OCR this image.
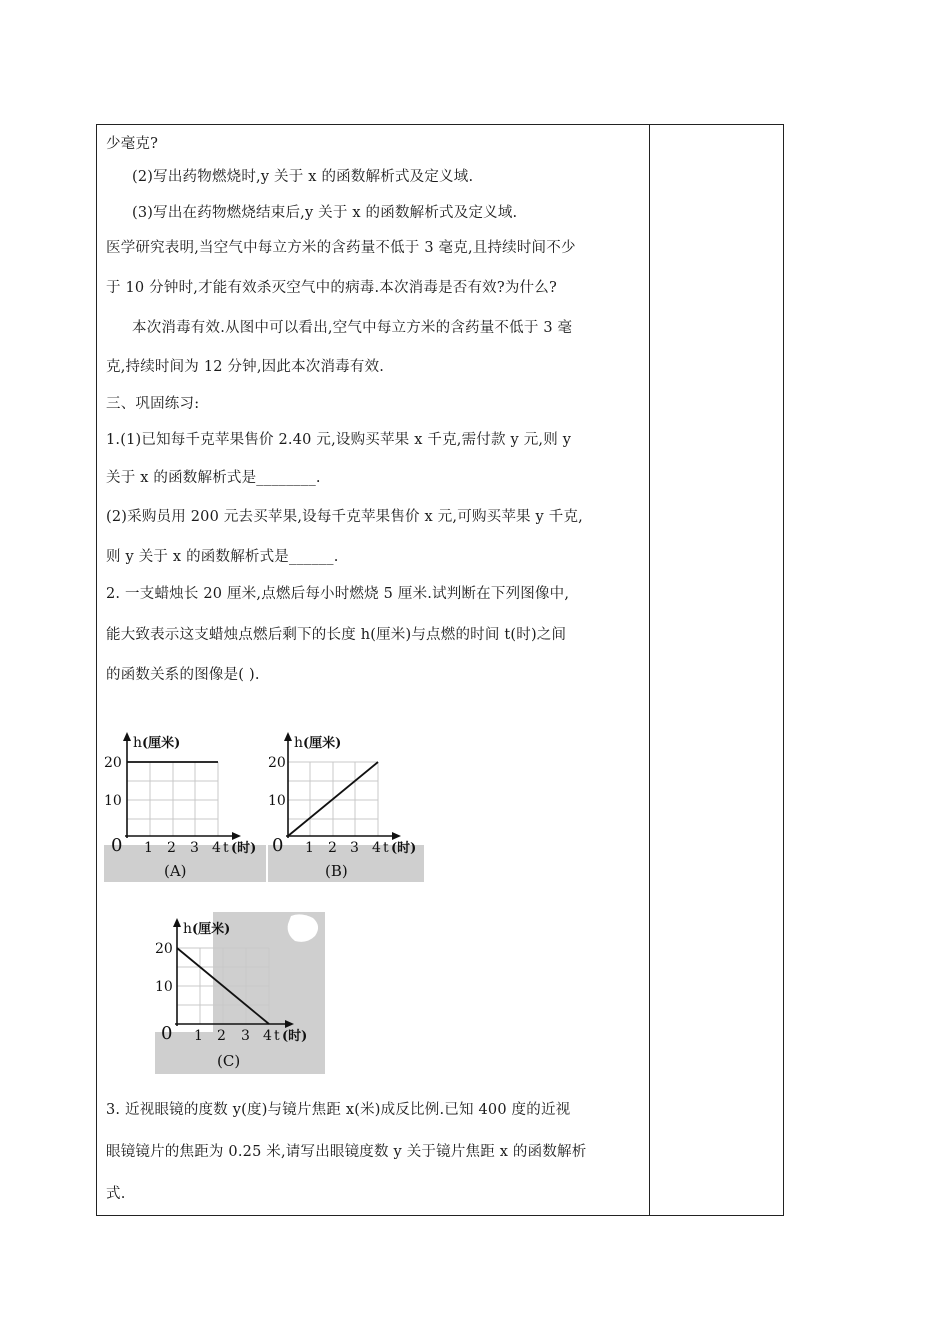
少毫克?
(2)写出药物燃烧时,y 关于 x 的函数解析式及定义域.
(3)写出在药物燃烧结束后,y 关于 x 的函数解析式及定义域.
医学研究表明,当空气中每立方米的含药量不低于 3 毫克,且持续时间不少
于 10 分钟时,才能有效杀灭空气中的病毒.本次消毒是否有效?为什么?
本次消毒有效.从图中可以看出,空气中每立方米的含药量不低于 3 毫
克,持续时间为 12 分钟,因此本次消毒有效.
三、巩固练习:
1.(1)已知每千克苹果售价 2.40 元,设购买苹果 x 千克,需付款 y 元,则 y
关于 x 的函数解析式是________.
(2)采购员用 200 元去买苹果,设每千克苹果售价 x 元,可购买苹果 y 千克,
则 y 关于 x 的函数解析式是______.
2. 一支蜡烛长 20 厘米,点燃后每小时燃烧 5 厘米.试判断在下列图像中,
能大致表示这支蜡烛点燃后剩下的长度 h(厘米)与点燃的时间 t(时)之间
的函数关系的图像是( ).
3. 近视眼镜的度数 y(度)与镜片焦距 x(米)成反比例.已知 400 度的近视
眼镜镜片的焦距为 0.25 米,请写出眼镜度数 y 关于镜片焦距 x 的函数解析
式.
h (厘米)
20
10
0 1 2 3 4 t (时)
(A)
h (厘米)
20
10
0 1 2 3 4 t (时)
(B)
h (厘米)
20
10
0 1 2 3 4 t (时)
(C)
